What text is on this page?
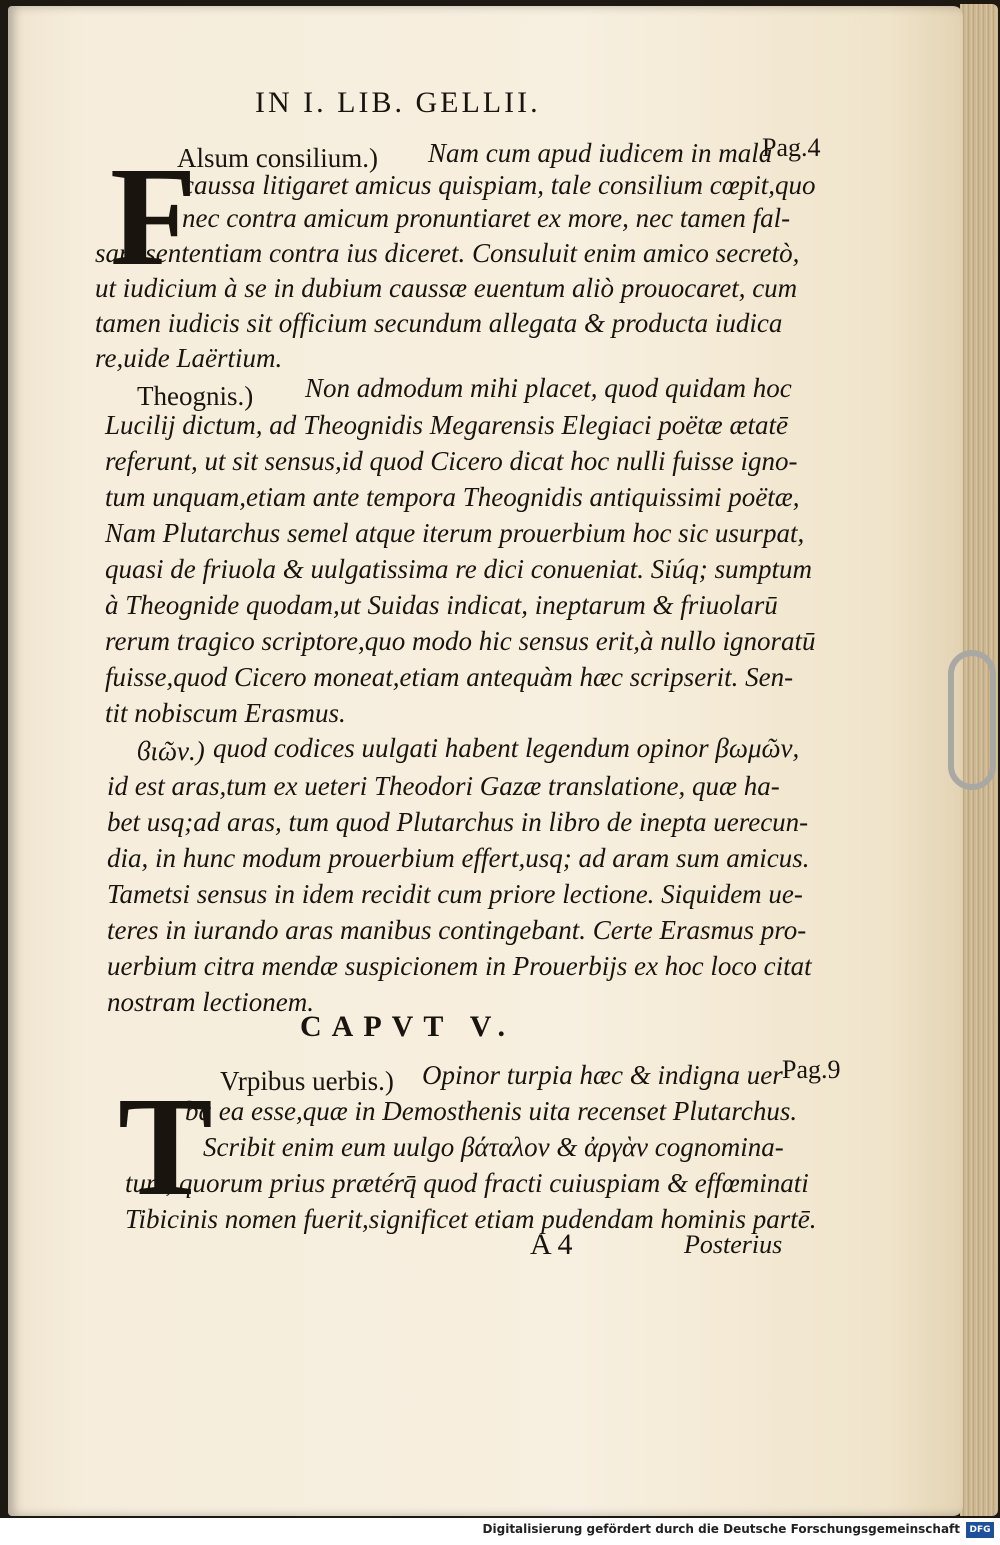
IN I. LIB. GELLII.
Pag.4
F
Alsum consilium.) Nam cum apud iudicem in mala
caussa litigaret amicus quispiam, tale consilium cœpit,quo
nec contra amicum pronuntiaret ex more, nec tamen fal-
sam sententiam contra ius diceret. Consuluit enim amico secretò,
ut iudicium à se in dubium caussæ euentum aliò prouocaret, cum
tamen iudicis sit officium secundum allegata & producta iudica
re,uide Laërtium.
Theognis.) Non admodum mihi placet, quod quidam hoc
Lucilij dictum, ad Theognidis Megarensis Elegiaci poëtæ ætatē
referunt, ut sit sensus,id quod Cicero dicat hoc nulli fuisse igno-
tum unquam,etiam ante tempora Theognidis antiquissimi poëtæ,
Nam Plutarchus semel atque iterum prouerbium hoc sic usurpat,
quasi de friuola & uulgatissima re dici conueniat. Siúq; sumptum
à Theognide quodam,ut Suidas indicat, ineptarum & friuolarū
rerum tragico scriptore,quo modo hic sensus erit,à nullo ignoratū
fuisse,quod Cicero moneat,etiam antequàm hæc scripserit. Sen-
tit nobiscum Erasmus.
ϐιῶν.) quod codices uulgati habent legendum opinor βωμῶν,
id est aras,tum ex ueteri Theodori Gazæ translatione, quæ ha-
bet usq;ad aras, tum quod Plutarchus in libro de inepta uerecun-
dia, in hunc modum prouerbium effert,usq; ad aram sum amicus.
Tametsi sensus in idem recidit cum priore lectione. Siquidem ue-
teres in iurando aras manibus contingebant. Certe Erasmus pro-
uerbium citra mendæ suspicionem in Prouerbijs ex hoc loco citat
nostram lectionem.
CAPVT V.
Pag.9
T Vrpibus uerbis.) Opinor turpia hæc & indigna uer
ba ea esse,quæ in Demosthenis uita recenset Plutarchus.
Scribit enim eum uulgo βάταλον & ἀργὰν cognomina-
tum, quorum prius prætérq̄ quod fracti cuiuspiam & effœminati
Tibicinis nomen fuerit,significet etiam pudendam hominis partē.
A 4	Posterius
Digitalisierung gefördert durch die Deutsche Forschungsgemeinschaft	DFG
